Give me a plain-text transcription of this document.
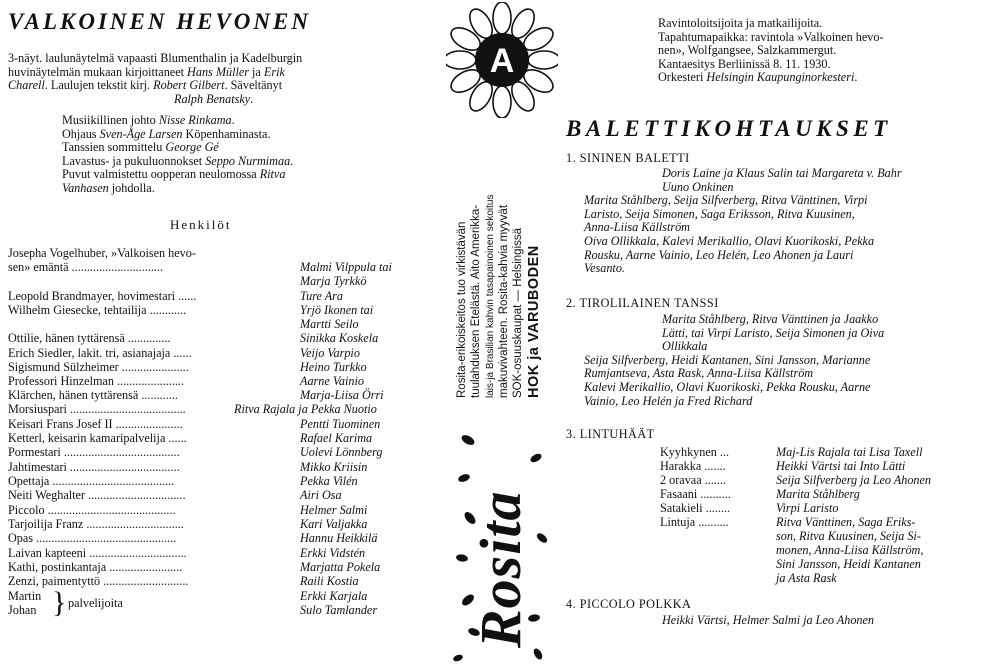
VALKOINEN HEVONEN
3-näyt. laulunäytelmä vapaasti Blumenthalin ja Kadelburgin
huvinäytelmän mukaan kirjoittaneet Hans Müller ja Erik
Charell. Laulujen tekstit kirj. Robert Gilbert. Säveltänyt
Ralph Benatsky.
Musiikillinen johto Nisse Rinkama.
Ohjaus Sven-Åge Larsen Köpenhaminasta.
Tanssien sommittelu George Gé
Lavastus- ja pukuluonnokset Seppo Nurmimaa.
Puvut valmistettu oopperan neulomossa Ritva
Vanhasen johdolla.
Henkilöt
Josepha Vogelhuber, »Valkoisen hevo-
sen» emäntä ..............................	Malmi Vilppula tai
Marja Tyrkkö
Leopold Brandmayer, hovimestari ......	Ture Ara
Wilhelm Giesecke, tehtailija ............	Yrjö Ikonen tai
Martti Seilo
Ottilie, hänen tyttärensä ..............	Sinikka Koskela
Erich Siedler, lakit. tri, asianajaja ......	Veijo Varpio
Sigismund Sülzheimer ......................	Heino Turkko
Professori Hinzelman ......................	Aarne Vainio
Klärchen, hänen tyttärensä ............	Marja-Liisa Örri
Morsiuspari ......................................	Ritva Rajala ja Pekka Nuotio
Keisari Frans Josef II ......................	Pentti Tuominen
Ketterl, keisarin kamaripalvelija ......	Rafael Karima
Pormestari ......................................	Uolevi Lönnberg
Jahtimestari ....................................	Mikko Kriisin
Opettaja ........................................	Pekka Vilén
Neiti Weghalter ................................	Airi Osa
Piccolo ..........................................	Helmer Salmi
Tarjoilija Franz ................................	Kari Valjakka
Opas ..............................................	Hannu Heikkilä
Laivan kapteeni ................................	Erkki Vidstén
Kathi, postinkantaja ........................	Marjatta Pokela
Zenzi, paimentyttö ............................	Raili Kostia
Martin	Erkki Karjala
Johan	Sulo Tamlander
} palvelijoita
A
Rosita-erikoiskeitos tuo virkistävän tuulahduksen Etelästä. Aito Amerikka- lais-ja Brasilian kahvin tasapainoinen sekoitus makuvivahteen. Rosita-kahvia myyvät SOK-osuuskaupat — Helsingissä HOK ja VARUBODEN
Rosita
Ravintoloitsijoita ja matkailijoita.
Tapahtumapaikka: ravintola »Valkoinen hevo-
nen», Wolfgangsee, Salzkammergut.
Kantaesitys Berliinissä 8. 11. 1930.
Orkesteri Helsingin Kaupunginorkesteri.
BALETTIKOHTAUKSET
1. SININEN BALETTI
Doris Laine ja Klaus Salin tai Margareta v. Bahr
Uuno Onkinen
Marita Ståhlberg, Seija Silfverberg, Ritva Vänttinen, Virpi
Laristo, Seija Simonen, Saga Eriksson, Ritva Kuusinen,
Anna-Liisa Källström
Oiva Ollikkala, Kalevi Merikallio, Olavi Kuorikoski, Pekka
Rousku, Aarne Vainio, Leo Helén, Leo Ahonen ja Lauri
Vesanto.
2. TIROLILAINEN TANSSI
Marita Ståhlberg, Ritva Vänttinen ja Jaakko
Lätti, tai Virpi Laristo, Seija Simonen ja Oiva
Ollikkala
Seija Silfverberg, Heidi Kantanen, Sini Jansson, Marianne
Rumjantseva, Asta Rask, Anna-Liisa Källström
Kalevi Merikallio, Olavi Kuorikoski, Pekka Rousku, Aarne
Vainio, Leo Helén ja Fred Richard
3. LINTUHÄÄT
Kyyhkynen ...	Maj-Lis Rajala tai Lisa Taxell
Harakka .......	Heikki Värtsi tai Into Lätti
2 oravaa .......	Seija Silfverberg ja Leo Ahonen
Fasaani ..........	Marita Ståhlberg
Satakieli ........	Virpi Laristo
Lintuja ..........	Ritva Vänttinen, Saga Eriks-
son, Ritva Kuusinen, Seija Si-
monen, Anna-Liisa Källström,
Sini Jansson, Heidi Kantanen
ja Asta Rask
4. PICCOLO POLKKA
Heikki Värtsi, Helmer Salmi ja Leo Ahonen
